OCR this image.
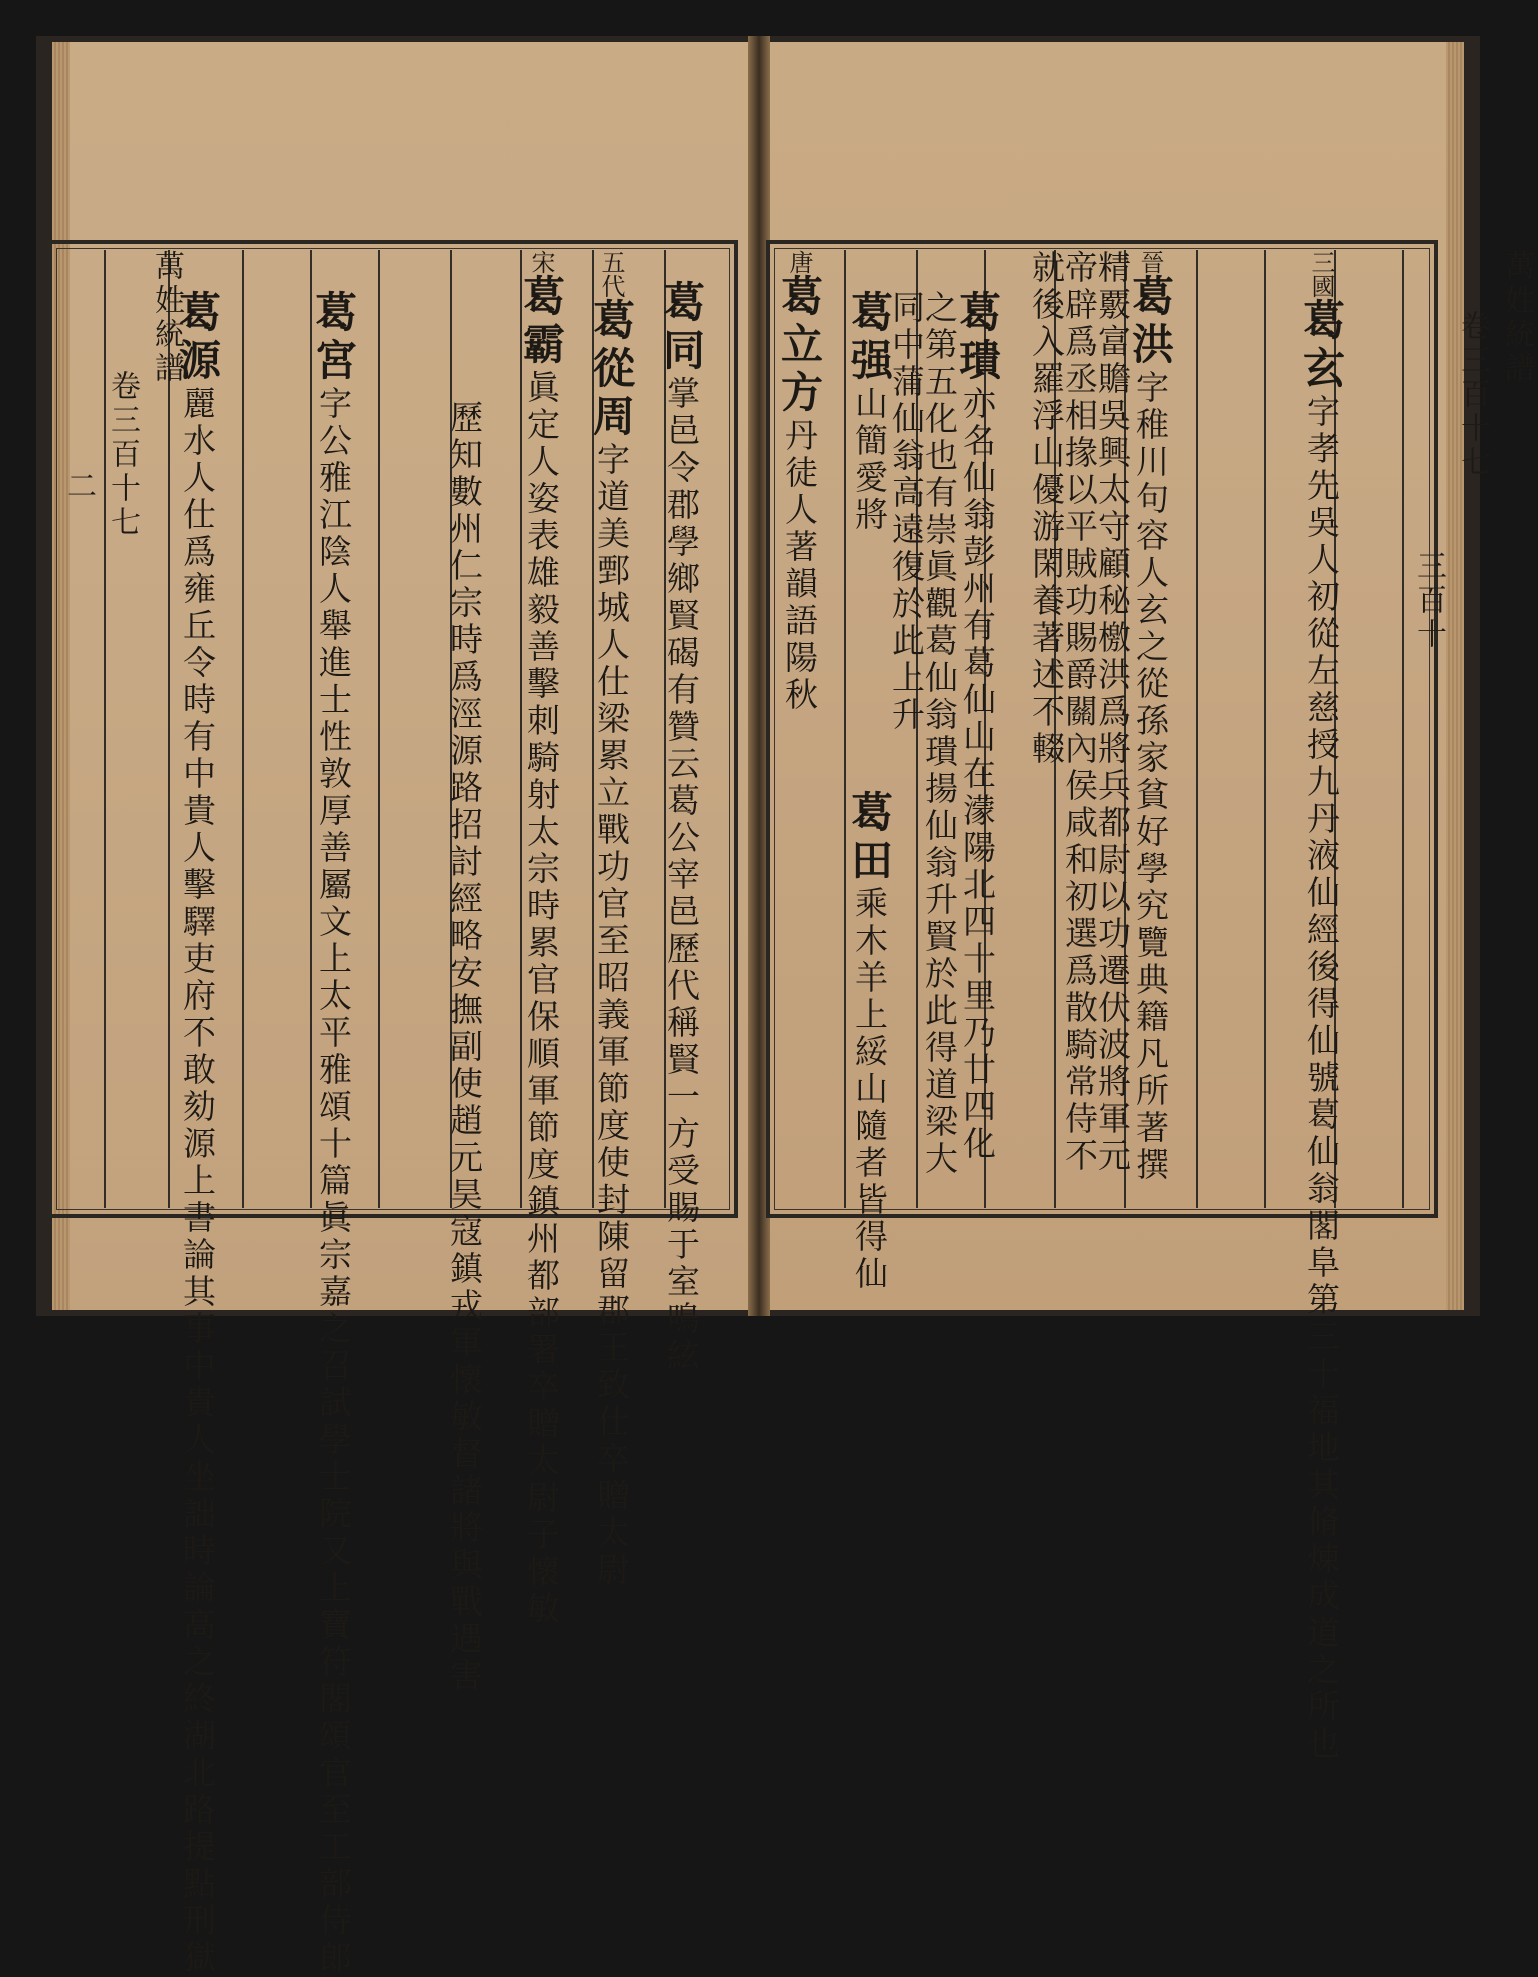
葛同掌邑令郡學鄉賢碣有贊云葛公宰邑歷代稱賢一方受賜于室鳴絃
五代葛從周字道美鄄城人仕梁累立戰功官至昭義軍節度使封陳留郡王致仕卒贈太尉
宋葛霸眞定人姿表雄毅善擊刺騎射太宗時累官保順軍節度鎮州都部署卒贈太尉子懷敏
歷知數州仁宗時爲涇源路招討經略安撫副使趙元昊寇鎮戎軍懷敏督諸將與戰遇害
葛宮字公雅江陰人舉進士性敦厚善屬文上太平雅頌十篇眞宗嘉之召試學士院又上寶符閣頌官至工部侍郎
葛源麗水人仕爲雍丘令時有中貴人擊驛吏府不敢劾源上書論其事中貴人坐詘時論高之終湖北路提點刑獄
萬姓統譜
卷三百十七
二
萬姓統譜
卷三百十七
三百十
三國葛玄字孝先吳人初從左慈授九丹液仙經後得仙號葛仙翁閣阜第三十福地其脩煉成道之所也
晉葛洪字稚川句容人玄之從孫家貧好學究覽典籍凡所著撰精覈富贍吳興太守顧秘檄洪爲將兵都尉以功遷伏波將軍元帝辟爲丞相掾以平賊功賜爵關內侯咸和初選爲散騎常侍不就後入羅浮山優游閑養著述不輟
葛璝亦名仙翁彭州有葛仙山在濛陽北四十里乃廿四化之第五化也有崇眞觀葛仙翁璝揚仙翁升賢於此得道梁大同中蒲仙翁高遠復於此上升
葛强山簡愛將
葛田乘木羊上綏山隨者皆得仙
唐葛立方丹徒人著韻語陽秋
